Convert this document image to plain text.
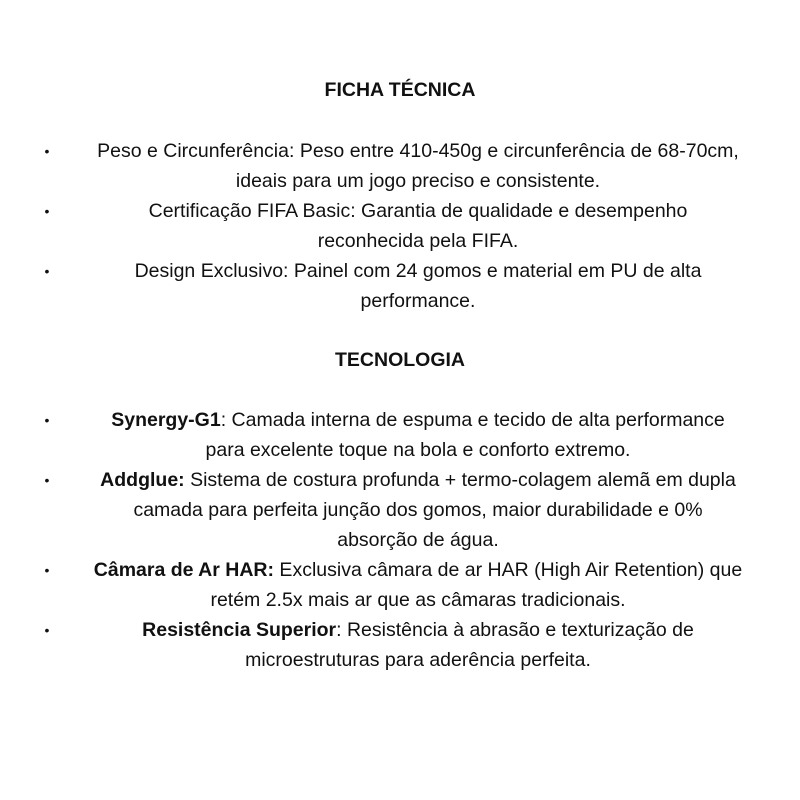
FICHA TÉCNICA
•	Peso e Circunferência: Peso entre 410-450g e circunferência de 68-70cm,
ideais para um jogo preciso e consistente.
•	Certificação FIFA Basic: Garantia de qualidade e desempenho
reconhecida pela FIFA.
•	Design Exclusivo: Painel com 24 gomos e material em PU de alta
performance.
TECNOLOGIA
•	Synergy-G1: Camada interna de espuma e tecido de alta performance
para excelente toque na bola e conforto extremo.
•	Addglue: Sistema de costura profunda + termo-colagem alemã em dupla
camada para perfeita junção dos gomos, maior durabilidade e 0%
absorção de água.
•	Câmara de Ar HAR: Exclusiva câmara de ar HAR (High Air Retention) que
retém 2.5x mais ar que as câmaras tradicionais.
•	Resistência Superior: Resistência à abrasão e texturização de
microestruturas para aderência perfeita.
